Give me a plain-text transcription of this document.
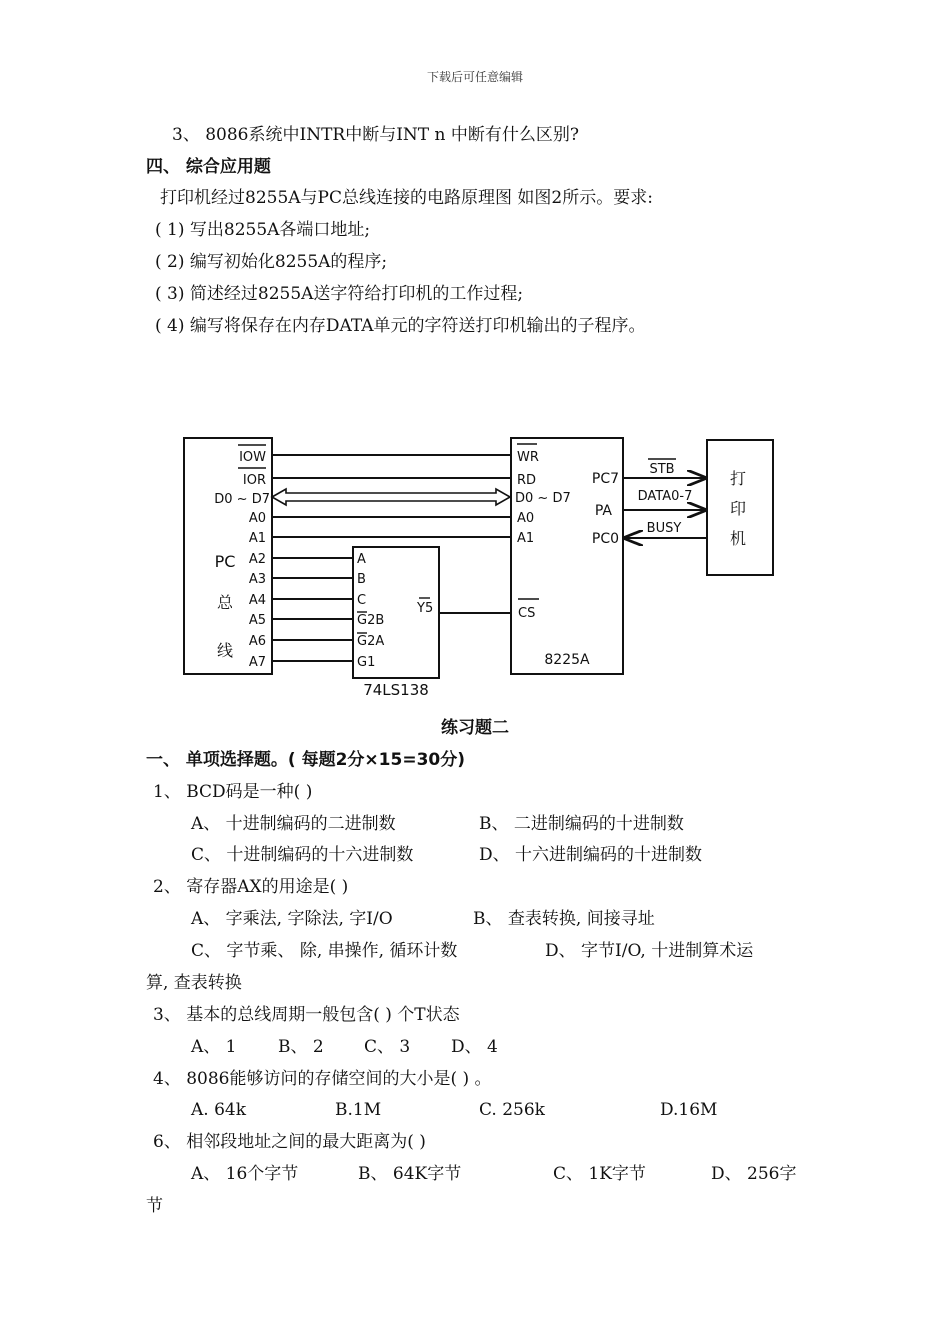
下载后可任意编辑
3、 8086系统中INTR中断与INT n 中断有什么区别?
四、 综合应用题
打印机经过8255A与PC总线连接的电路原理图 如图2所示。要求:
( 1) 写出8255A各端口地址;
( 2) 编写初始化8255A的程序;
( 3) 简述经过8255A送字符给打印机的工作过程;
( 4) 编写将保存在内存DATA单元的字符送打印机输出的子程序。
IOW
IOR
D0 ~ D7
A0
A1
A2
A3
A4
A5
A6
A7
PC
总
线
A
B
C
G2B
G2A
G1
Y5
74LS138
WR
RD
D0 ~ D7
A0
A1
CS
PC7
PA
PC0
8225A
STB
DATA0-7
BUSY
打
印
机
练习题二
一、 单项选择题。( 每题2分×15=30分)
1、 BCD码是一种( )
A、 十进制编码的二进制数	B、 二进制编码的十进制数
C、 十进制编码的十六进制数	D、 十六进制编码的十进制数
2、 寄存器AX的用途是( )
A、 字乘法, 字除法, 字I/O	B、 查表转换, 间接寻址
C、 字节乘、 除, 串操作, 循环计数	D、 字节I/O, 十进制算术运
算, 查表转换
3、 基本的总线周期一般包含( ) 个T状态
A、 1 B、 2 C、 3 D、 4
4、 8086能够访问的存储空间的大小是( ) 。
A. 64k	B.1M	C. 256k	D.16M
6、 相邻段地址之间的最大距离为( )
A、 16个字节	B、 64K字节	C、 1K字节	D、 256字
节
